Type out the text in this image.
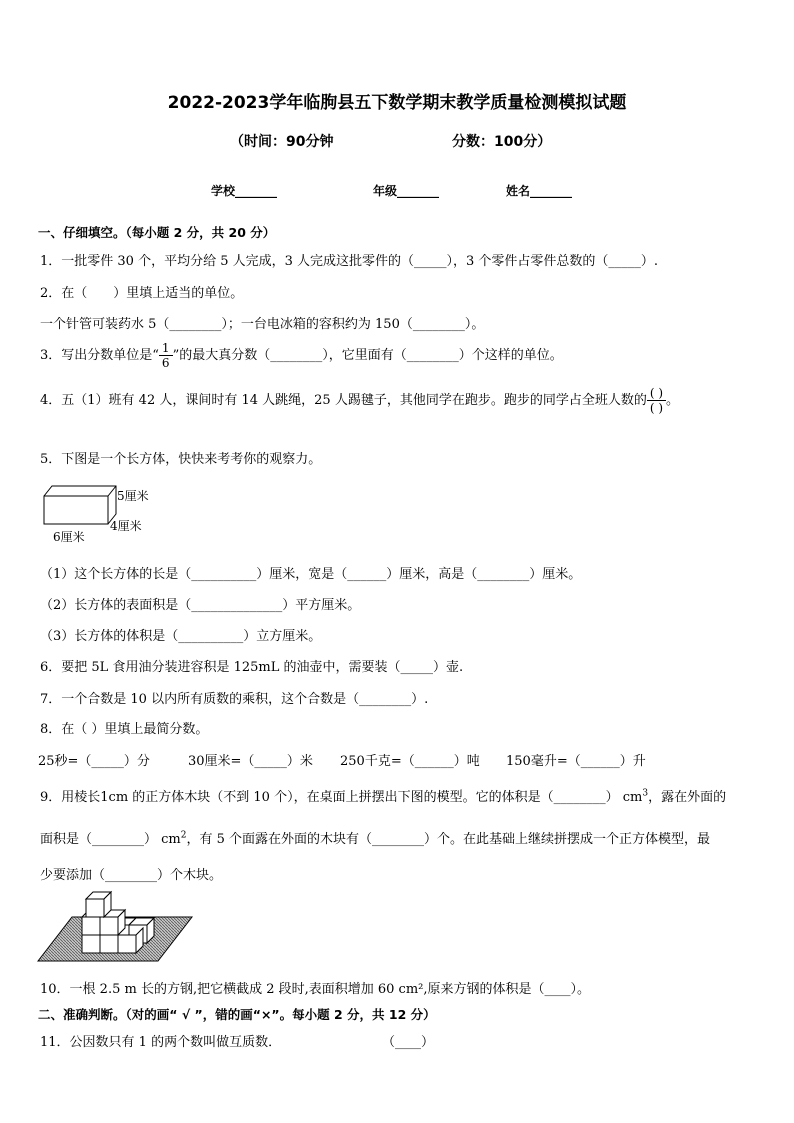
2022-2023学年临朐县五下数学期末教学质量检测模拟试题
（时间：90分钟	分数：100分）
学校_______	年级_______	姓名_______
一、仔细填空。（每小题 2 分，共 20 分）
1．一批零件 30 个，平均分给 5 人完成，3 人完成这批零件的（_____），3 个零件占零件总数的（_____）.
2．在（　　）里填上适当的单位。
一个针管可装药水 5（________）；一台电冰箱的容积约为 150（________）。
3．写出分数单位是“ $\frac{1}{6}$ ”的最大真分数（________），它里面有（________）个这样的单位。
4．五（1）班有 42 人，课间时有 14 人跳绳，25 人踢毽子，其他同学在跑步。跑步的同学占全班人数的 $\frac{( )}{( )}$ 。
5．下图是一个长方体，快快来考考你的观察力。
5厘米
4厘米
6厘米
（1）这个长方体的长是（__________）厘米，宽是（______）厘米，高是（________）厘米。
（2）长方体的表面积是（______________）平方厘米。
（3）长方体的体积是（__________）立方厘米。
6．要把 5L 食用油分装进容积是 125mL 的油壶中，需要装（_____）壶.
7．一个合数是 10 以内所有质数的乘积，这个合数是（________）.
8．在（ ）里填上最简分数。
25秒=（_____）分	30厘米=（_____）米 250千克=（______）吨 150毫升=（______）升
9．用棱长1cm 的正方体木块（不到 10 个），在桌面上拼摆出下图的模型。它的体积是（________） $cm^3$，露在外面的
面积是（________） $cm^2$，有 5 个面露在外面的木块有（________）个。在此基础上继续拼摆成一个正方体模型，最
少要添加（________）个木块。
10．一根 2.5 m 长的方钢,把它横截成 2 段时,表面积增加 60 cm²,原来方钢的体积是（____）。
二、准确判断。（对的画“ √ ”，错的画“×”。每小题 2 分，共 12 分）
11．公因数只有 1 的两个数叫做互质数．	（____）
